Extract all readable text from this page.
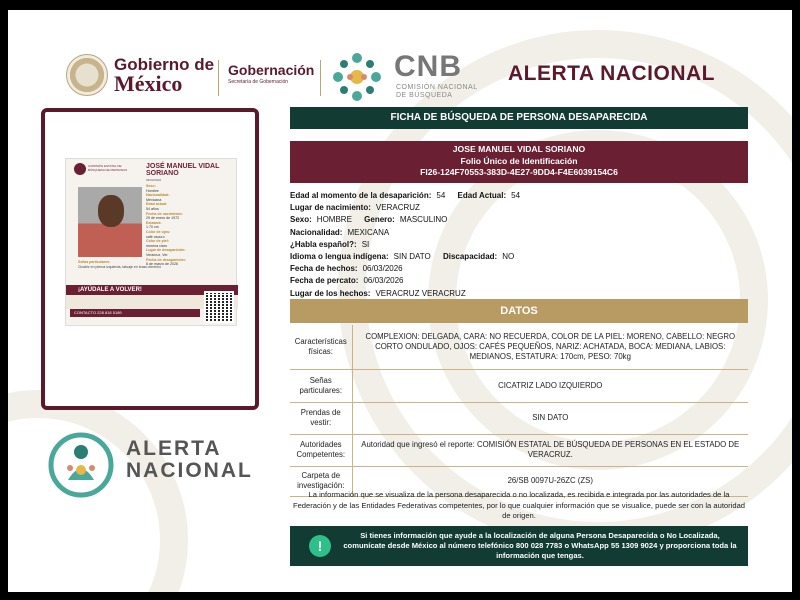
Gobierno de
México
Gobernación
Secretaría de Gobernación	CNB
COMISIÓN NACIONAL
DE BÚSQUEDA
ALERTA NACIONAL
COMISIÓN ESTATAL DE BÚSQUEDA DE PERSONAS	JOSÉ MANUEL VIDAL SORIANO
06/03/2026
Sexo:
Hombre
Nacionalidad:
Mexicana
Edad actual:
54 años
Fecha de nacimiento:
29 de enero de 1972
Estatura:
1.70 cm
Color de ojos:
café oscuro
Color de piel:
morena claro
Lugar de desaparición:
Veracruz, Ver.
Fecha de desaparición:
6 de marzo de 2026
Señas particulares:
Cicatriz en pierna izquierda, tatuaje en brazo derecho
¡AYÚDALE A VOLVER!
CONTACTO 228 818 5189
ALERTA
NACIONAL
FICHA DE BÚSQUEDA DE PERSONA DESAPARECIDA
JOSE MANUEL VIDAL SORIANO
Folio Único de Identificación
FI26-124F70553-383D-4E27-9DD4-F4E6039154C6
Edad al momento de la desaparición: 54 Edad Actual: 54
Lugar de nacimiento: VERACRUZ
Sexo: HOMBRE Genero: MASCULINO
Nacionalidad: MEXICANA
¿Habla español?: SI
Idioma o lengua indígena: SIN DATO Discapacidad: NO
Fecha de hechos: 06/03/2026
Fecha de percato: 06/03/2026
Lugar de los hechos: VERACRUZ VERACRUZ
DATOS
Características físicas:	COMPLEXION: DELGADA, CARA: NO RECUERDA, COLOR DE LA PIEL: MORENO, CABELLO: NEGRO CORTO ONDULADO, OJOS: CAFÉS PEQUEÑOS, NARIZ: ACHATADA, BOCA: MEDIANA, LABIOS: MEDIANOS, ESTATURA: 170cm, PESO: 70kg
Señas particulares:	CICATRIZ LADO IZQUIERDO
Prendas de vestir:	SIN DATO
Autoridades Competentes:	Autoridad que ingresó el reporte: COMISIÓN ESTATAL DE BÚSQUEDA DE PERSONAS EN EL ESTADO DE VERACRUZ.
Carpeta de investigación:	26/SB 0097U-26ZC (ZS)
La información que se visualiza de la persona desaparecida o no localizada, es recibida e integrada por las autoridades de la Federación y de las Entidades Federativas competentes, por lo que cualquier información que se visualice, puede ser con la autoridad de origen.
!
Si tienes información que ayude a la localización de alguna Persona Desaparecida o No Localizada, comunícate desde México al número telefónico 800 028 7783 o WhatsApp 55 1309 9024 y proporciona toda la información que tengas.
